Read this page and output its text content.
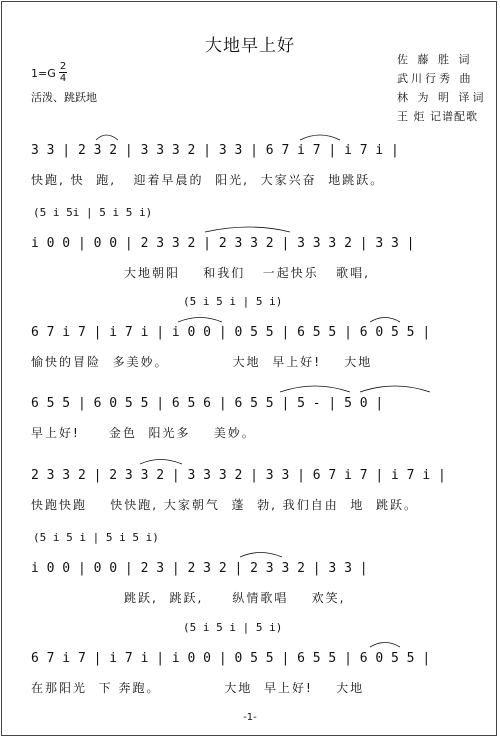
大地早上好
1=G
2
4
活泼、跳跃地
佐 藤 胜 词
武川行秀 曲
林 为 明 译词
王 炬 记谱配歌
3 3 | 2 3 2 | 3 3 3 2 | 3 3 | 6 7 i 7 | i 7 i |
快跑, 快  跑,   迎着早晨的  阳光,  大家兴奋  地跳跃。
(5 i 5i | 5 i 5 i)
i 0 0 | 0 0 | 2 3 3 2 | 2 3 3 2 | 3 3 3 2 | 3 3 |
大地朝阳    和我们   一起快乐   歌唱,
(5 i 5 i | 5 i)
6 7 i 7 | i 7 i | i 0 0 | 0 5 5 | 6 5 5 | 6 0 5 5 |
愉快的冒险  多美妙。           大地  早上好!    大地
6 5 5 | 6 0 5 5 | 6 5 6 | 6 5 5 | 5 - | 5 0 |
早上好!     金色  阳光多    美妙。
2 3 3 2 | 2 3 3 2 | 3 3 3 2 | 3 3 | 6 7 i 7 | i 7 i |
快跑快跑    快快跑, 大家朝气  蓬  勃, 我们自由  地  跳跃。
(5 i 5 i | 5 i 5 i)
i 0 0 | 0 0 | 2 3 | 2 3 2 | 2 3 3 2 | 3 3 |
跳跃,  跳跃,     纵情歌唱    欢笑,
(5 i 5 i | 5 i)
6 7 i 7 | i 7 i | i 0 0 | 0 5 5 | 6 5 5 | 6 0 5 5 |
在那阳光  下 奔跑。           大地  早上好!    大地
-1-
